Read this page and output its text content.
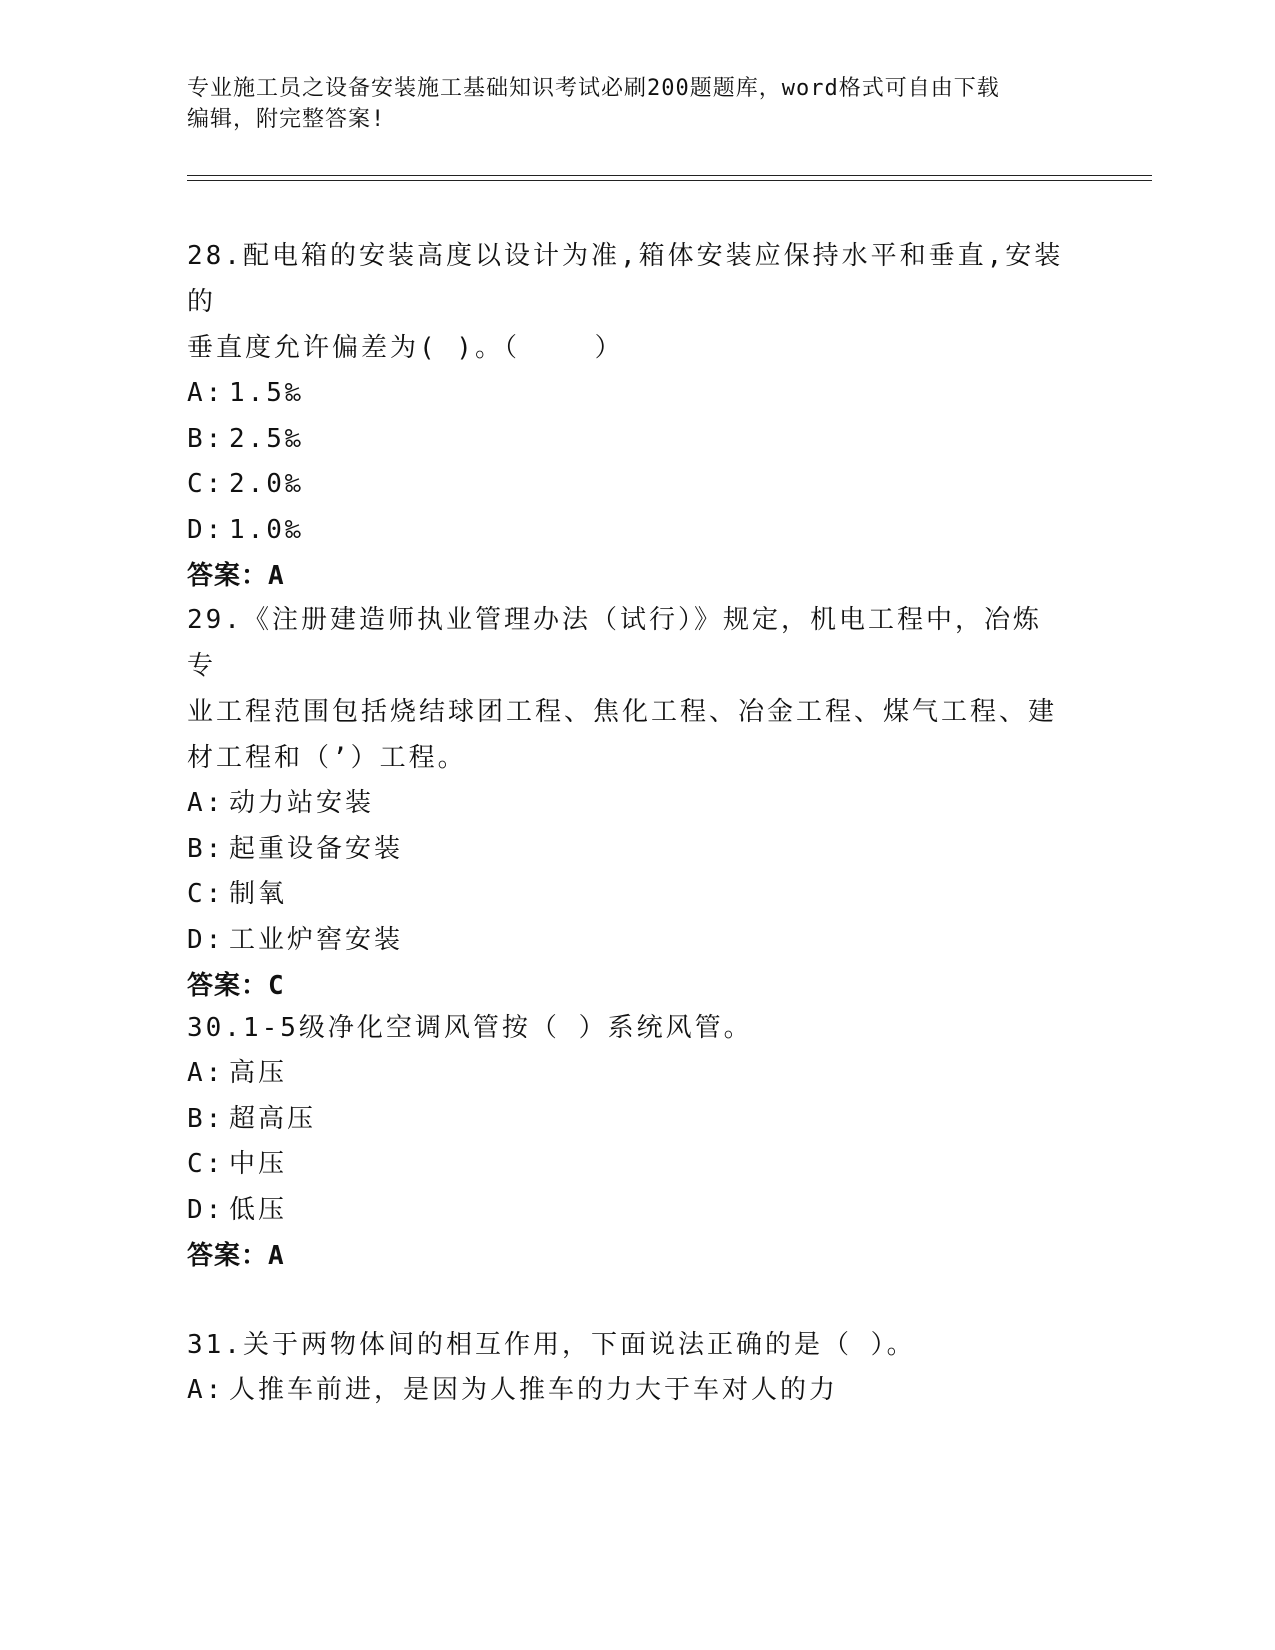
专业施工员之设备安装施工基础知识考试必刷200题题库，word格式可自由下载
编辑，附完整答案!

28.配电箱的安装高度以设计为准,箱体安装应保持水平和垂直,安装的

垂直度允许偏差为( )。（    ）

A: 1.5‰

B: 2.5‰

C: 2.0‰

D: 1.0‰

答案：A

29.《注册建造师执业管理办法（试行）》规定，机电工程中，冶炼专

业工程范围包括烧结球团工程、焦化工程、冶金工程、煤气工程、建

材工程和（’）工程。

A: 动力站安装

B: 起重设备安装

C: 制氧

D: 工业炉窖安装

答案：C

30.1-5级净化空调风管按（ ）系统风管。

A: 高压

B: 超高压

C: 中压

D: 低压

答案：A

31.关于两物体间的相互作用，下面说法正确的是（ ）。

A: 人推车前进，是因为人推车的力大于车对人的力
